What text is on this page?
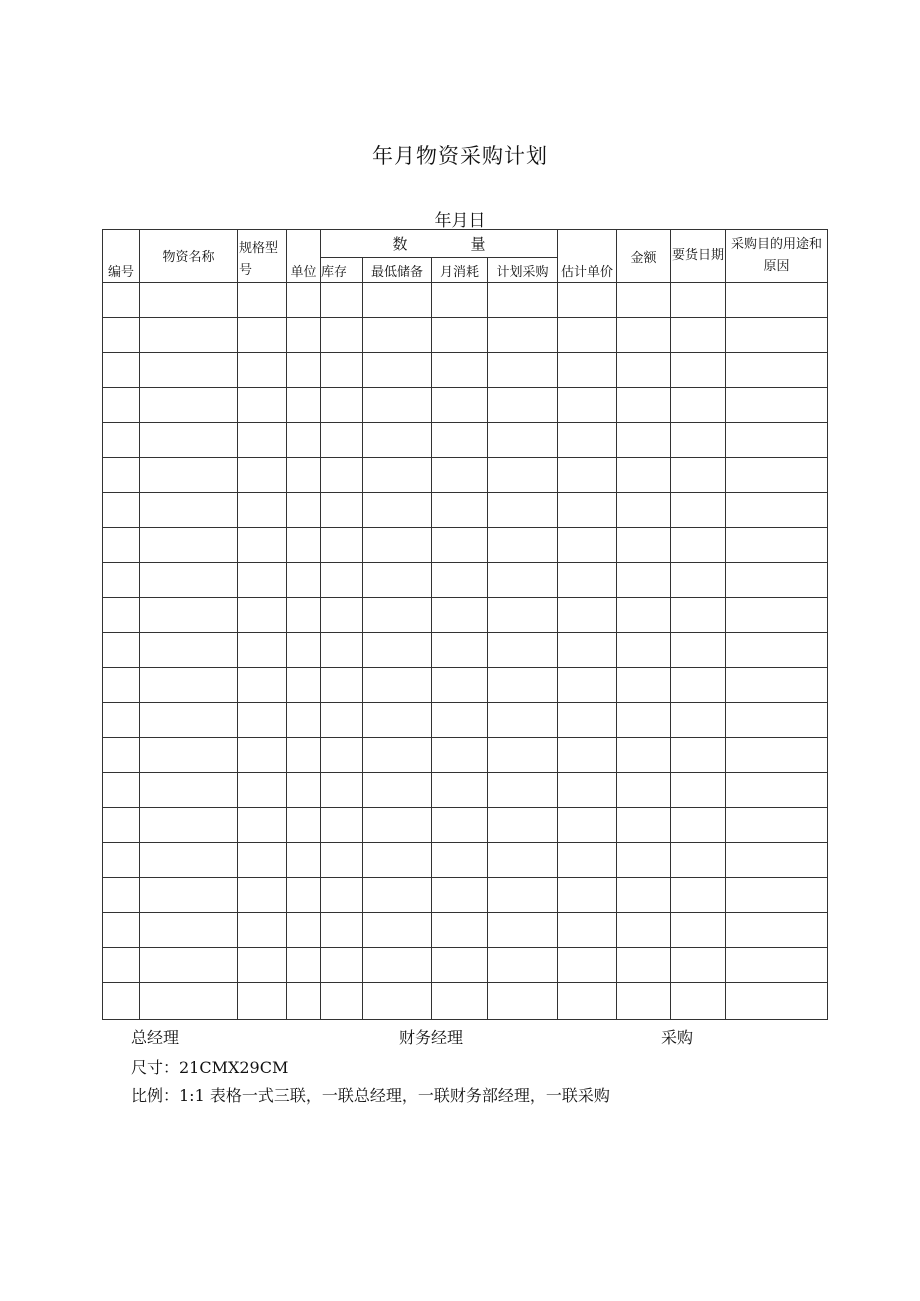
年月物资采购计划
年月日
编号	物资名称	规格型号	单位	数 量				估计单价	金额	要货日期	采购目的用途和原因
				库存	最低储备	月消耗	计划采购				

总经理	财务经理	采购
尺寸：21CMX29CM
比例：1:1 表格一式三联，一联总经理，一联财务部经理，一联采购
